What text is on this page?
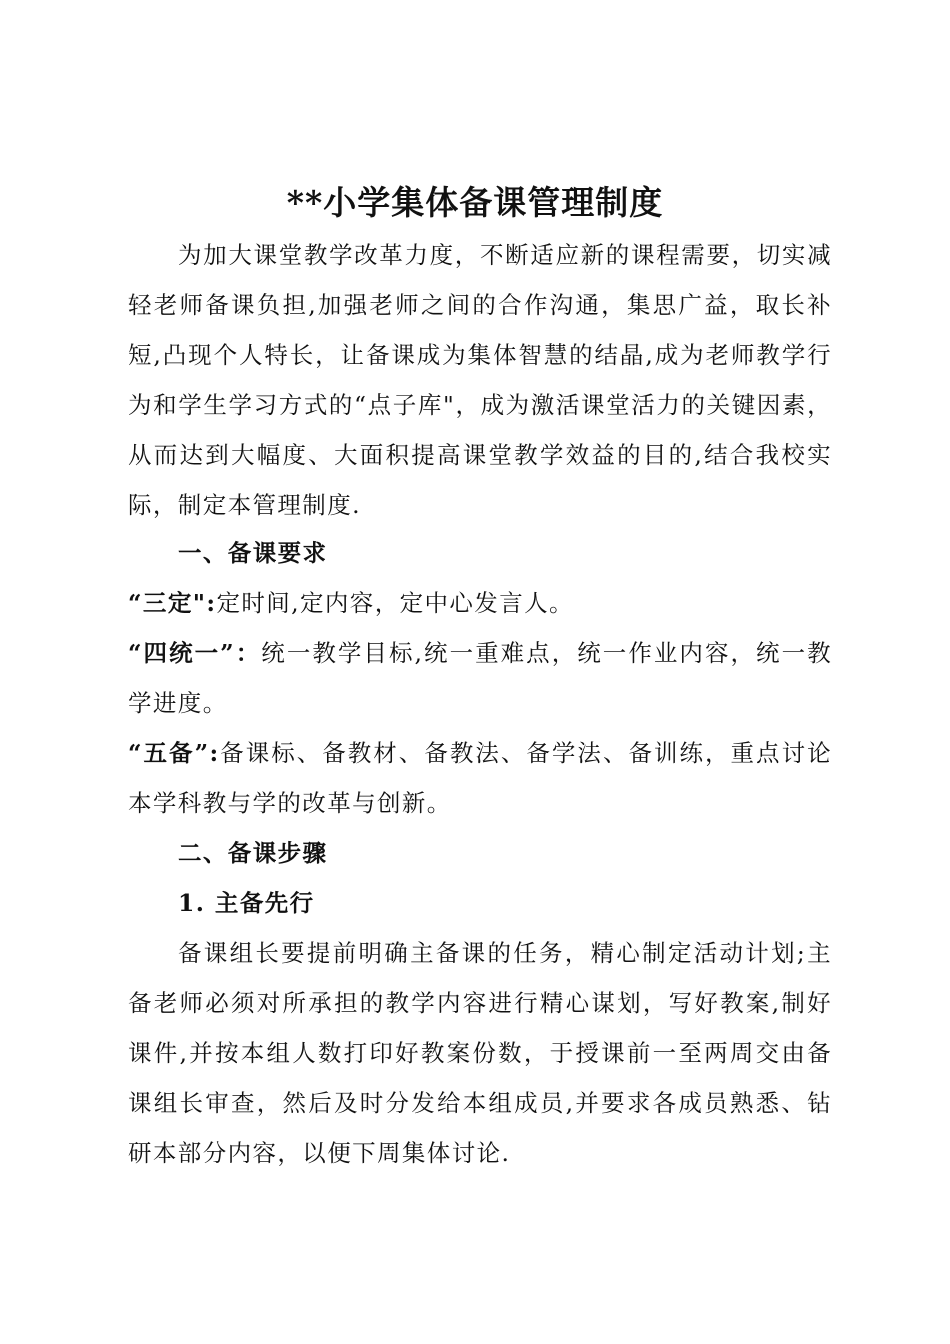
**小学集体备课管理制度
为加大课堂教学改革力度，不断适应新的课程需要，切实减轻老师备课负担,加强老师之间的合作沟通，集思广益，取长补短,凸现个人特长，让备课成为集体智慧的结晶,成为老师教学行为和学生学习方式的“点子库"，成为激活课堂活力的关键因素，从而达到大幅度、大面积提高课堂教学效益的目的,结合我校实际，制定本管理制度.
一、备课要求
“三定":定时间,定内容，定中心发言人。
“四统一”：统一教学目标,统一重难点，统一作业内容，统一教学进度。
“五备”:备课标、备教材、备教法、备学法、备训练，重点讨论本学科教与学的改革与创新。
二、备课步骤
1. 主备先行
备课组长要提前明确主备课的任务，精心制定活动计划;主备老师必须对所承担的教学内容进行精心谋划，写好教案,制好课件,并按本组人数打印好教案份数，于授课前一至两周交由备课组长审查，然后及时分发给本组成员,并要求各成员熟悉、钻研本部分内容，以便下周集体讨论.
